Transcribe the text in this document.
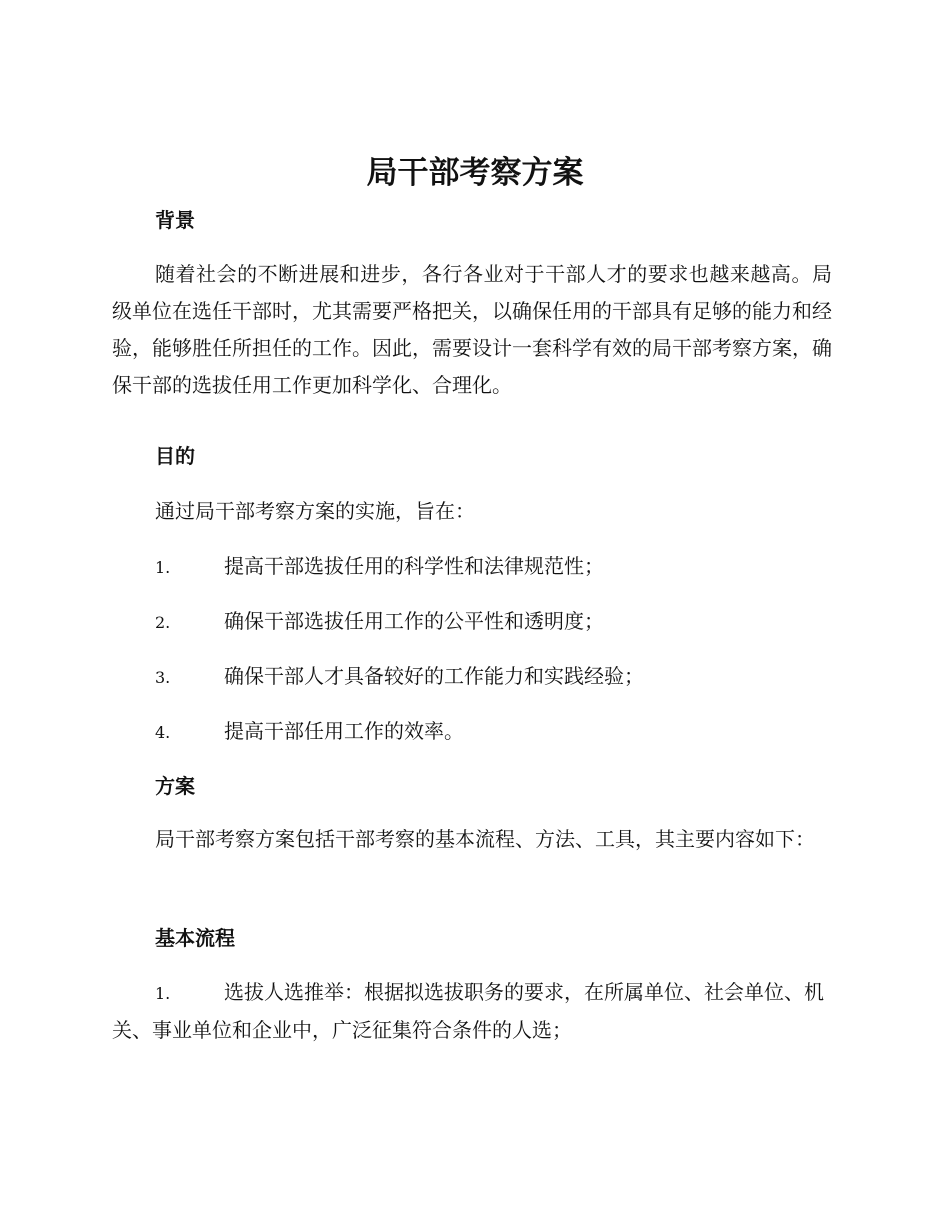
局干部考察方案
背景

随着社会的不断进展和进步，各行各业对于干部人才的要求也越来越高。局级单位在选任干部时，尤其需要严格把关，以确保任用的干部具有足够的能力和经验，能够胜任所担任的工作。因此，需要设计一套科学有效的局干部考察方案，确保干部的选拔任用工作更加科学化、合理化。

目的

通过局干部考察方案的实施，旨在：

1.	提高干部选拔任用的科学性和法律规范性；

2.	确保干部选拔任用工作的公平性和透明度；

3.	确保干部人才具备较好的工作能力和实践经验；

4.	提高干部任用工作的效率。

方案

局干部考察方案包括干部考察的基本流程、方法、工具，其主要内容如下：

基本流程

1.	选拔人选推举：根据拟选拔职务的要求，在所属单位、社会单位、机关、事业单位和企业中，广泛征集符合条件的人选；
